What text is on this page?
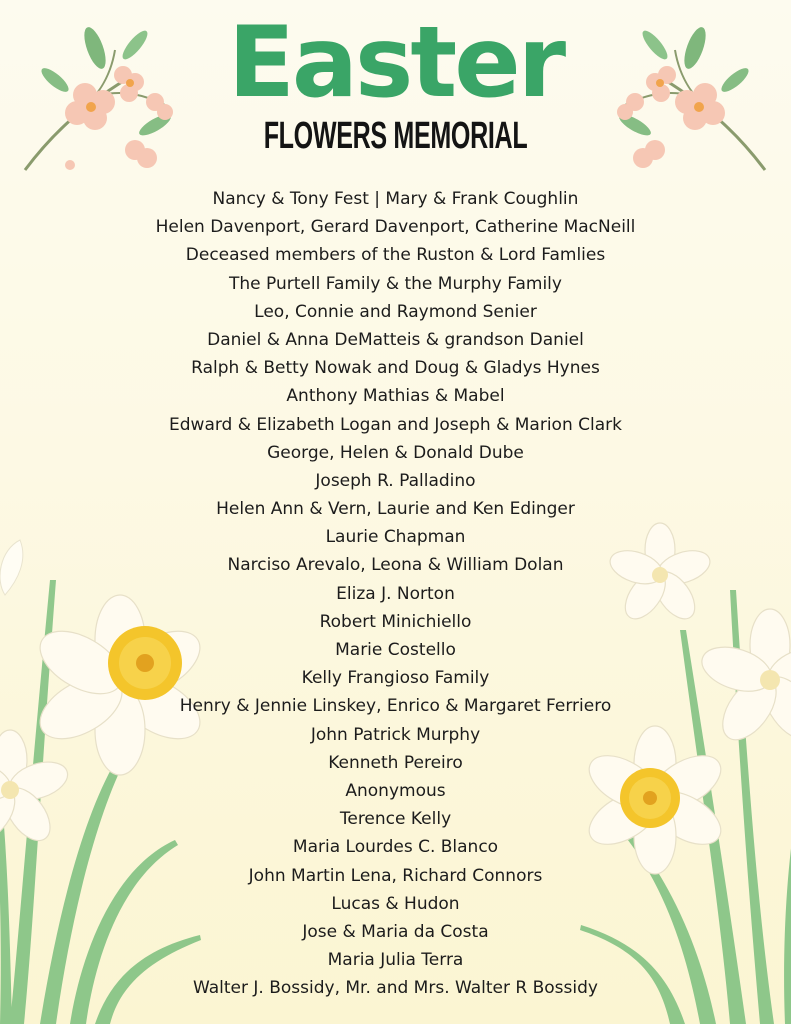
Easter
FLOWERS MEMORIAL
Nancy & Tony Fest | Mary & Frank Coughlin
Helen Davenport, Gerard Davenport, Catherine MacNeill
Deceased members of the Ruston & Lord Famlies
The Purtell Family & the Murphy Family
Leo, Connie and Raymond Senier
Daniel & Anna DeMatteis & grandson Daniel
Ralph & Betty Nowak and Doug & Gladys Hynes
Anthony Mathias & Mabel
Edward & Elizabeth Logan and Joseph & Marion Clark
George, Helen & Donald Dube
Joseph R. Palladino
Helen Ann & Vern, Laurie and Ken Edinger
Laurie Chapman
Narciso Arevalo, Leona & William Dolan
Eliza J. Norton
Robert Minichiello
Marie Costello
Kelly Frangioso Family
Henry & Jennie Linskey, Enrico & Margaret Ferriero
John Patrick Murphy
Kenneth Pereiro
Anonymous
Terence Kelly
Maria Lourdes C. Blanco
John Martin Lena, Richard Connors
Lucas & Hudon
Jose & Maria da Costa
Maria Julia Terra
Walter J. Bossidy, Mr. and Mrs. Walter R Bossidy
